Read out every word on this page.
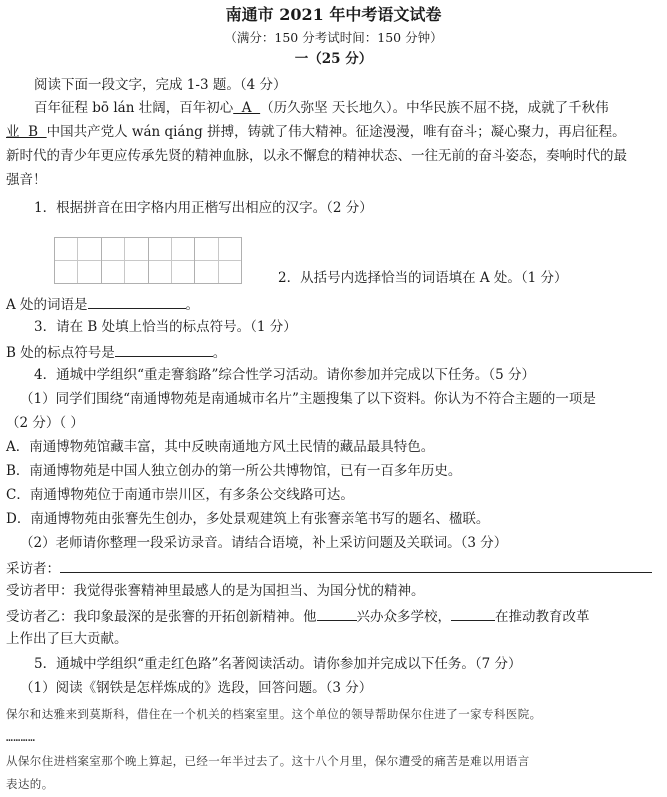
南通市 2021 年中考语文试卷
（满分：150 分考试时间：150 分钟）
一（25 分）
阅读下面一段文字，完成 1-3 题。（4 分）
百年征程 bō lán 壮阔，百年初心  A  （历久弥坚 天长地久）。中华民族不屈不挠，成就了千秋伟
业  B  中国共产党人 wán qiáng 拼搏，铸就了伟大精神。征途漫漫，唯有奋斗；凝心聚力，再启征程。
新时代的青少年更应传承先贤的精神血脉，以永不懈怠的精神状态、一往无前的奋斗姿态，奏响时代的最
强音！
1．根据拼音在田字格内用正楷写出相应的汉字。（2 分）
2．从括号内选择恰当的词语填在 A 处。（1 分）
A 处的词语是	。
3．请在 B 处填上恰当的标点符号。（1 分）
B 处的标点符号是	。
4．通城中学组织“重走謇翁路”综合性学习活动。请你参加并完成以下任务。（5 分）
（1）同学们围绕“南通博物苑是南通城市名片”主题搜集了以下资料。你认为不符合主题的一项是
（2 分）（ ）
A．南通博物苑馆藏丰富，其中反映南通地方风土民情的藏品最具特色。
B．南通博物苑是中国人独立创办的第一所公共博物馆，已有一百多年历史。
C．南通博物苑位于南通市崇川区，有多条公交线路可达。
D．南通博物苑由张謇先生创办，多处景观建筑上有张謇亲笔书写的题名、楹联。
（2）老师请你整理一段采访录音。请结合语境，补上采访问题及关联词。（3 分）
采访者：
受访者甲：我觉得张謇精神里最感人的是为国担当、为国分忧的精神。
受访者乙：我印象最深的是张謇的开拓创新精神。他	兴办众多学校，	在推动教育改革
上作出了巨大贡献。
5．通城中学组织“重走红色路”名著阅读活动。请你参加并完成以下任务。（7 分）
（1）阅读《钢铁是怎样炼成的》选段，回答问题。（3 分）
保尔和达雅来到莫斯科，借住在一个机关的档案室里。这个单位的领导帮助保尔住进了一家专科医院。
…………
从保尔住进档案室那个晚上算起，已经一年半过去了。这十八个月里，保尔遭受的痛苦是难以用语言
表达的。
